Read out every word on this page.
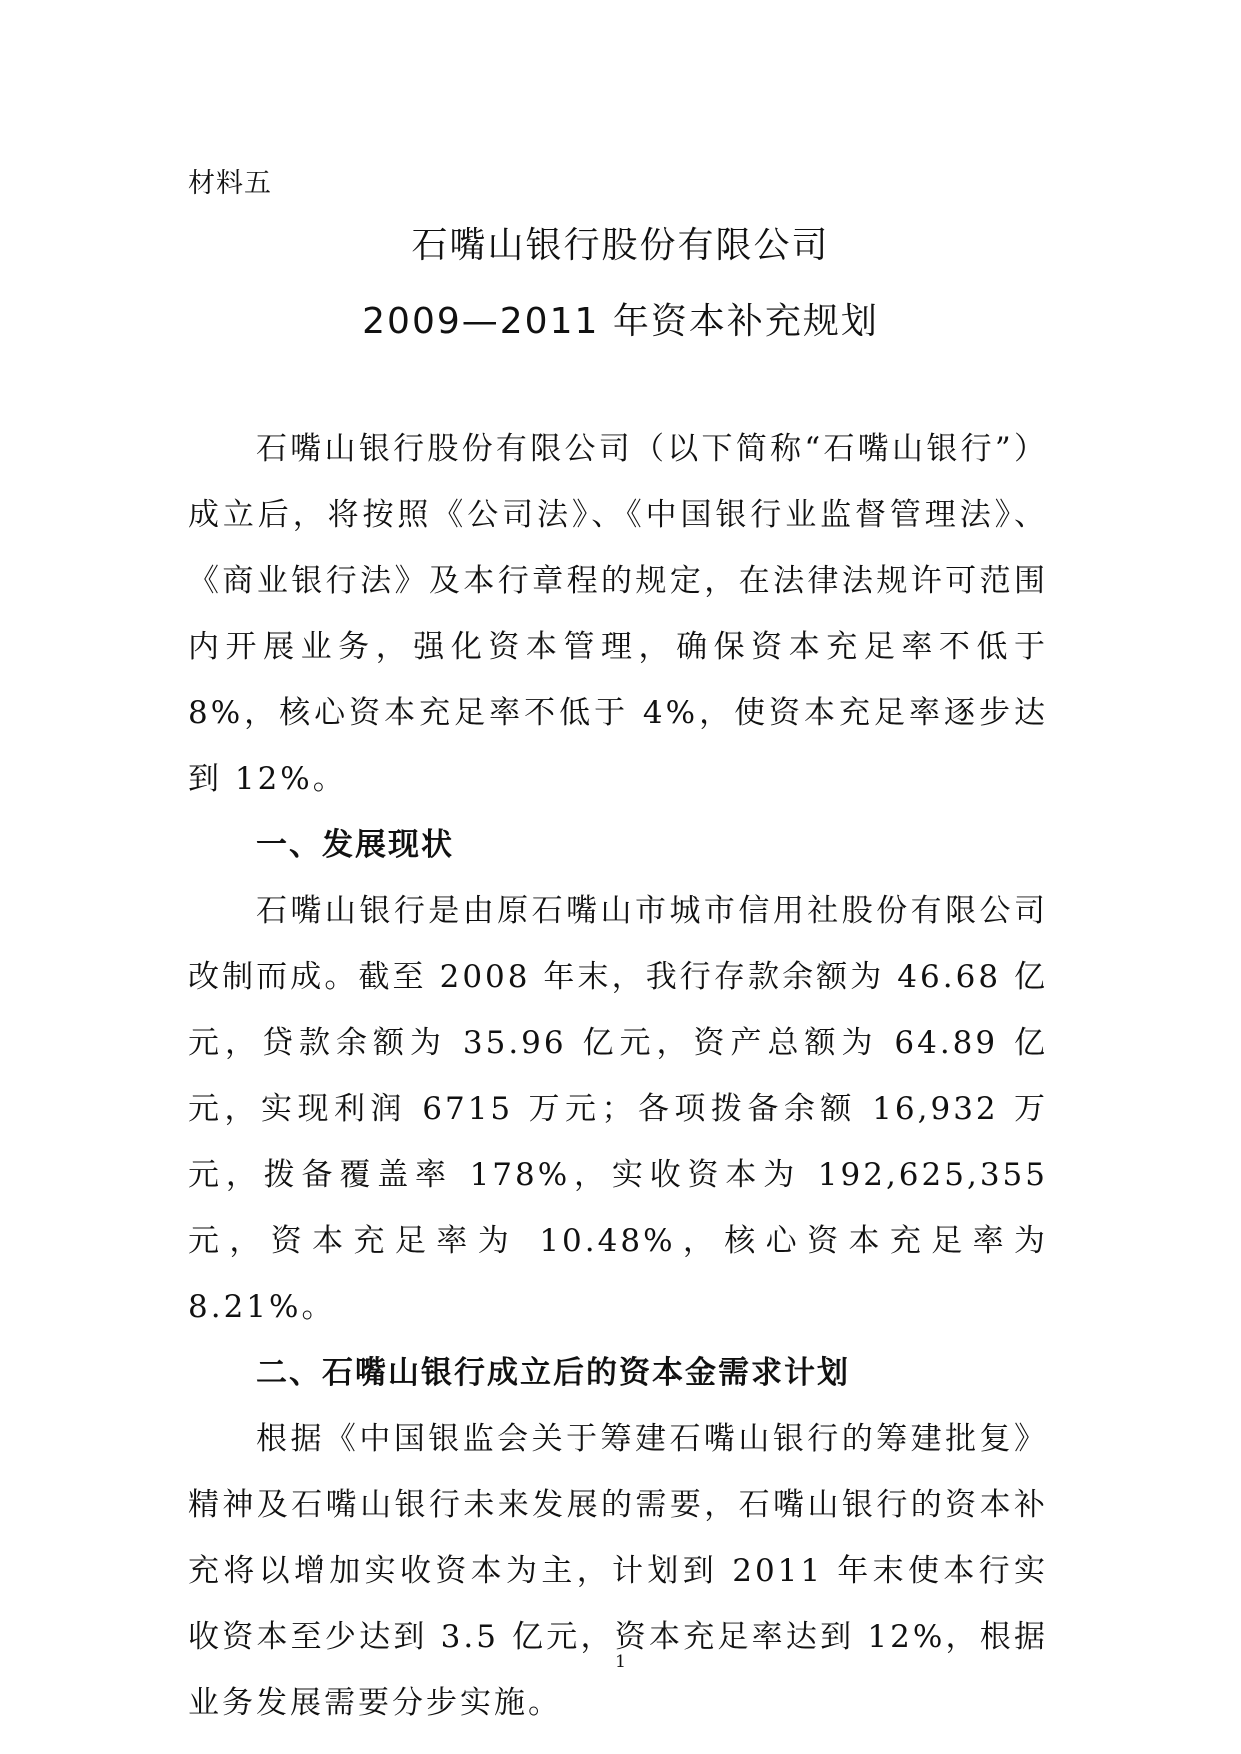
材料五
石嘴山银行股份有限公司
2009—2011 年资本补充规划

石嘴山银行股份有限公司（以下简称“石嘴山银行”）成立后，将按照《公司法》、《中国银行业监督管理法》、《商业银行法》及本行章程的规定，在法律法规许可范围内开展业务，强化资本管理，确保资本充足率不低于 8%，核心资本充足率不低于 4%，使资本充足率逐步达到 12%。

一、发展现状

石嘴山银行是由原石嘴山市城市信用社股份有限公司改制而成。截至 2008 年末，我行存款余额为 46.68 亿元，贷款余额为 35.96 亿元，资产总额为 64.89 亿元，实现利润 6715 万元；各项拨备余额 16,932 万元，拨备覆盖率 178%，实收资本为 192,625,355 元，资本充足率为 10.48%，核心资本充足率为 8.21%。

二、石嘴山银行成立后的资本金需求计划

根据《中国银监会关于筹建石嘴山银行的筹建批复》精神及石嘴山银行未来发展的需要，石嘴山银行的资本补充将以增加实收资本为主，计划到 2011 年末使本行实收资本至少达到 3.5 亿元，资本充足率达到 12%，根据业务发展需要分步实施。

1
